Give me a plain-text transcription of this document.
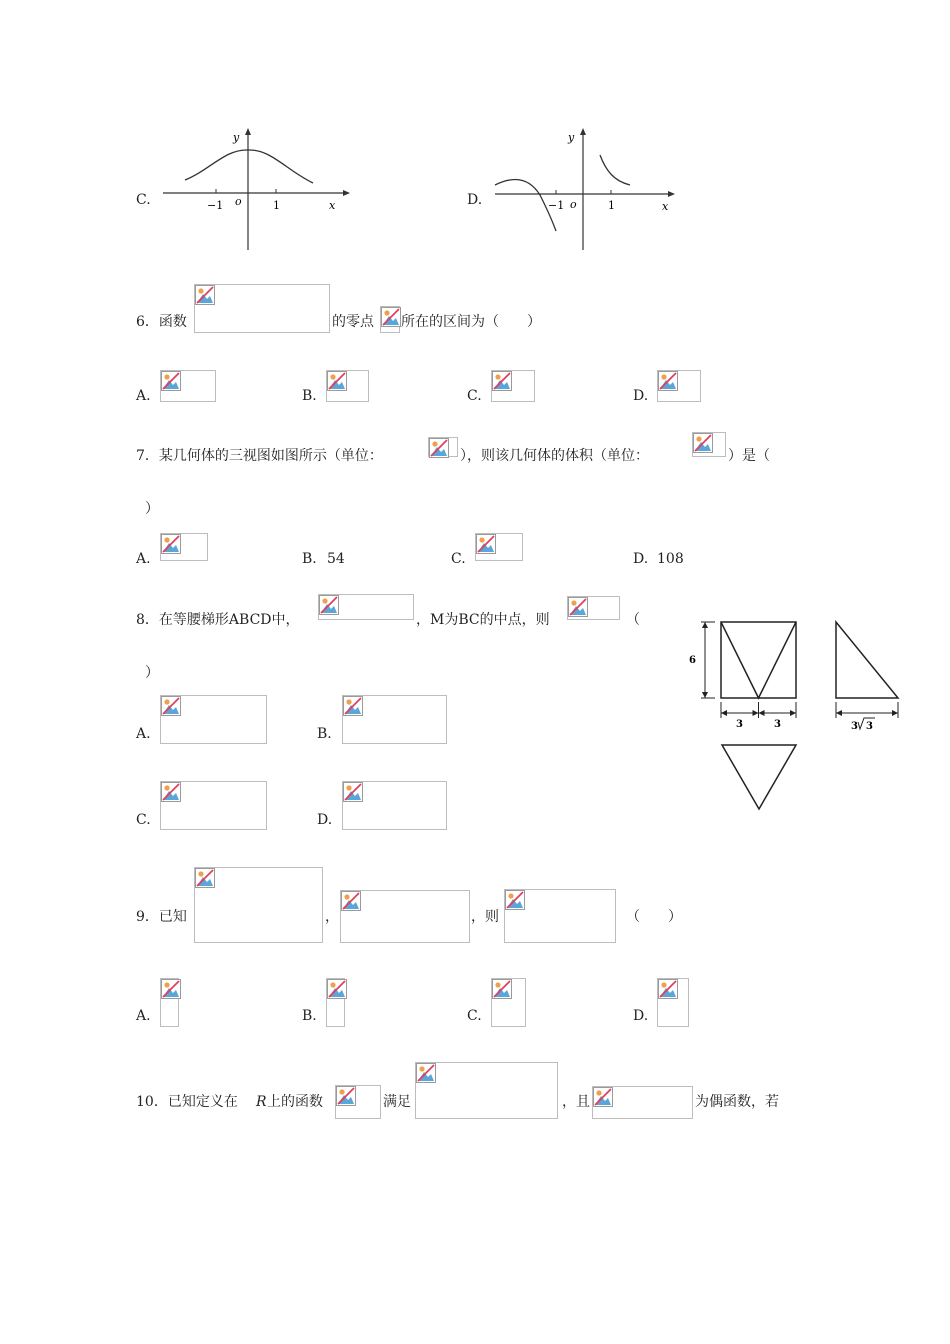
C.
y
x
o
−1	1	D.
y
x
o
−1	1
6．函数	的零点 所在的区间为（　　）
A.	B.	C.	D.
7．某几何体的三视图如图所示（单位：	），则该几何体的体积（单位：	）是（
）
A.	B. 54	C.	D. 108
8．在等腰梯形ABCD中，	，M为BC的中点，则	（
）
A.	B.
C.	D.
6
3	3	3 3
9．已知	，	，则	（　　）
A.	B.	C.	D.
10．已知定义在 R 上的函数	满足	，且	为偶函数，若
